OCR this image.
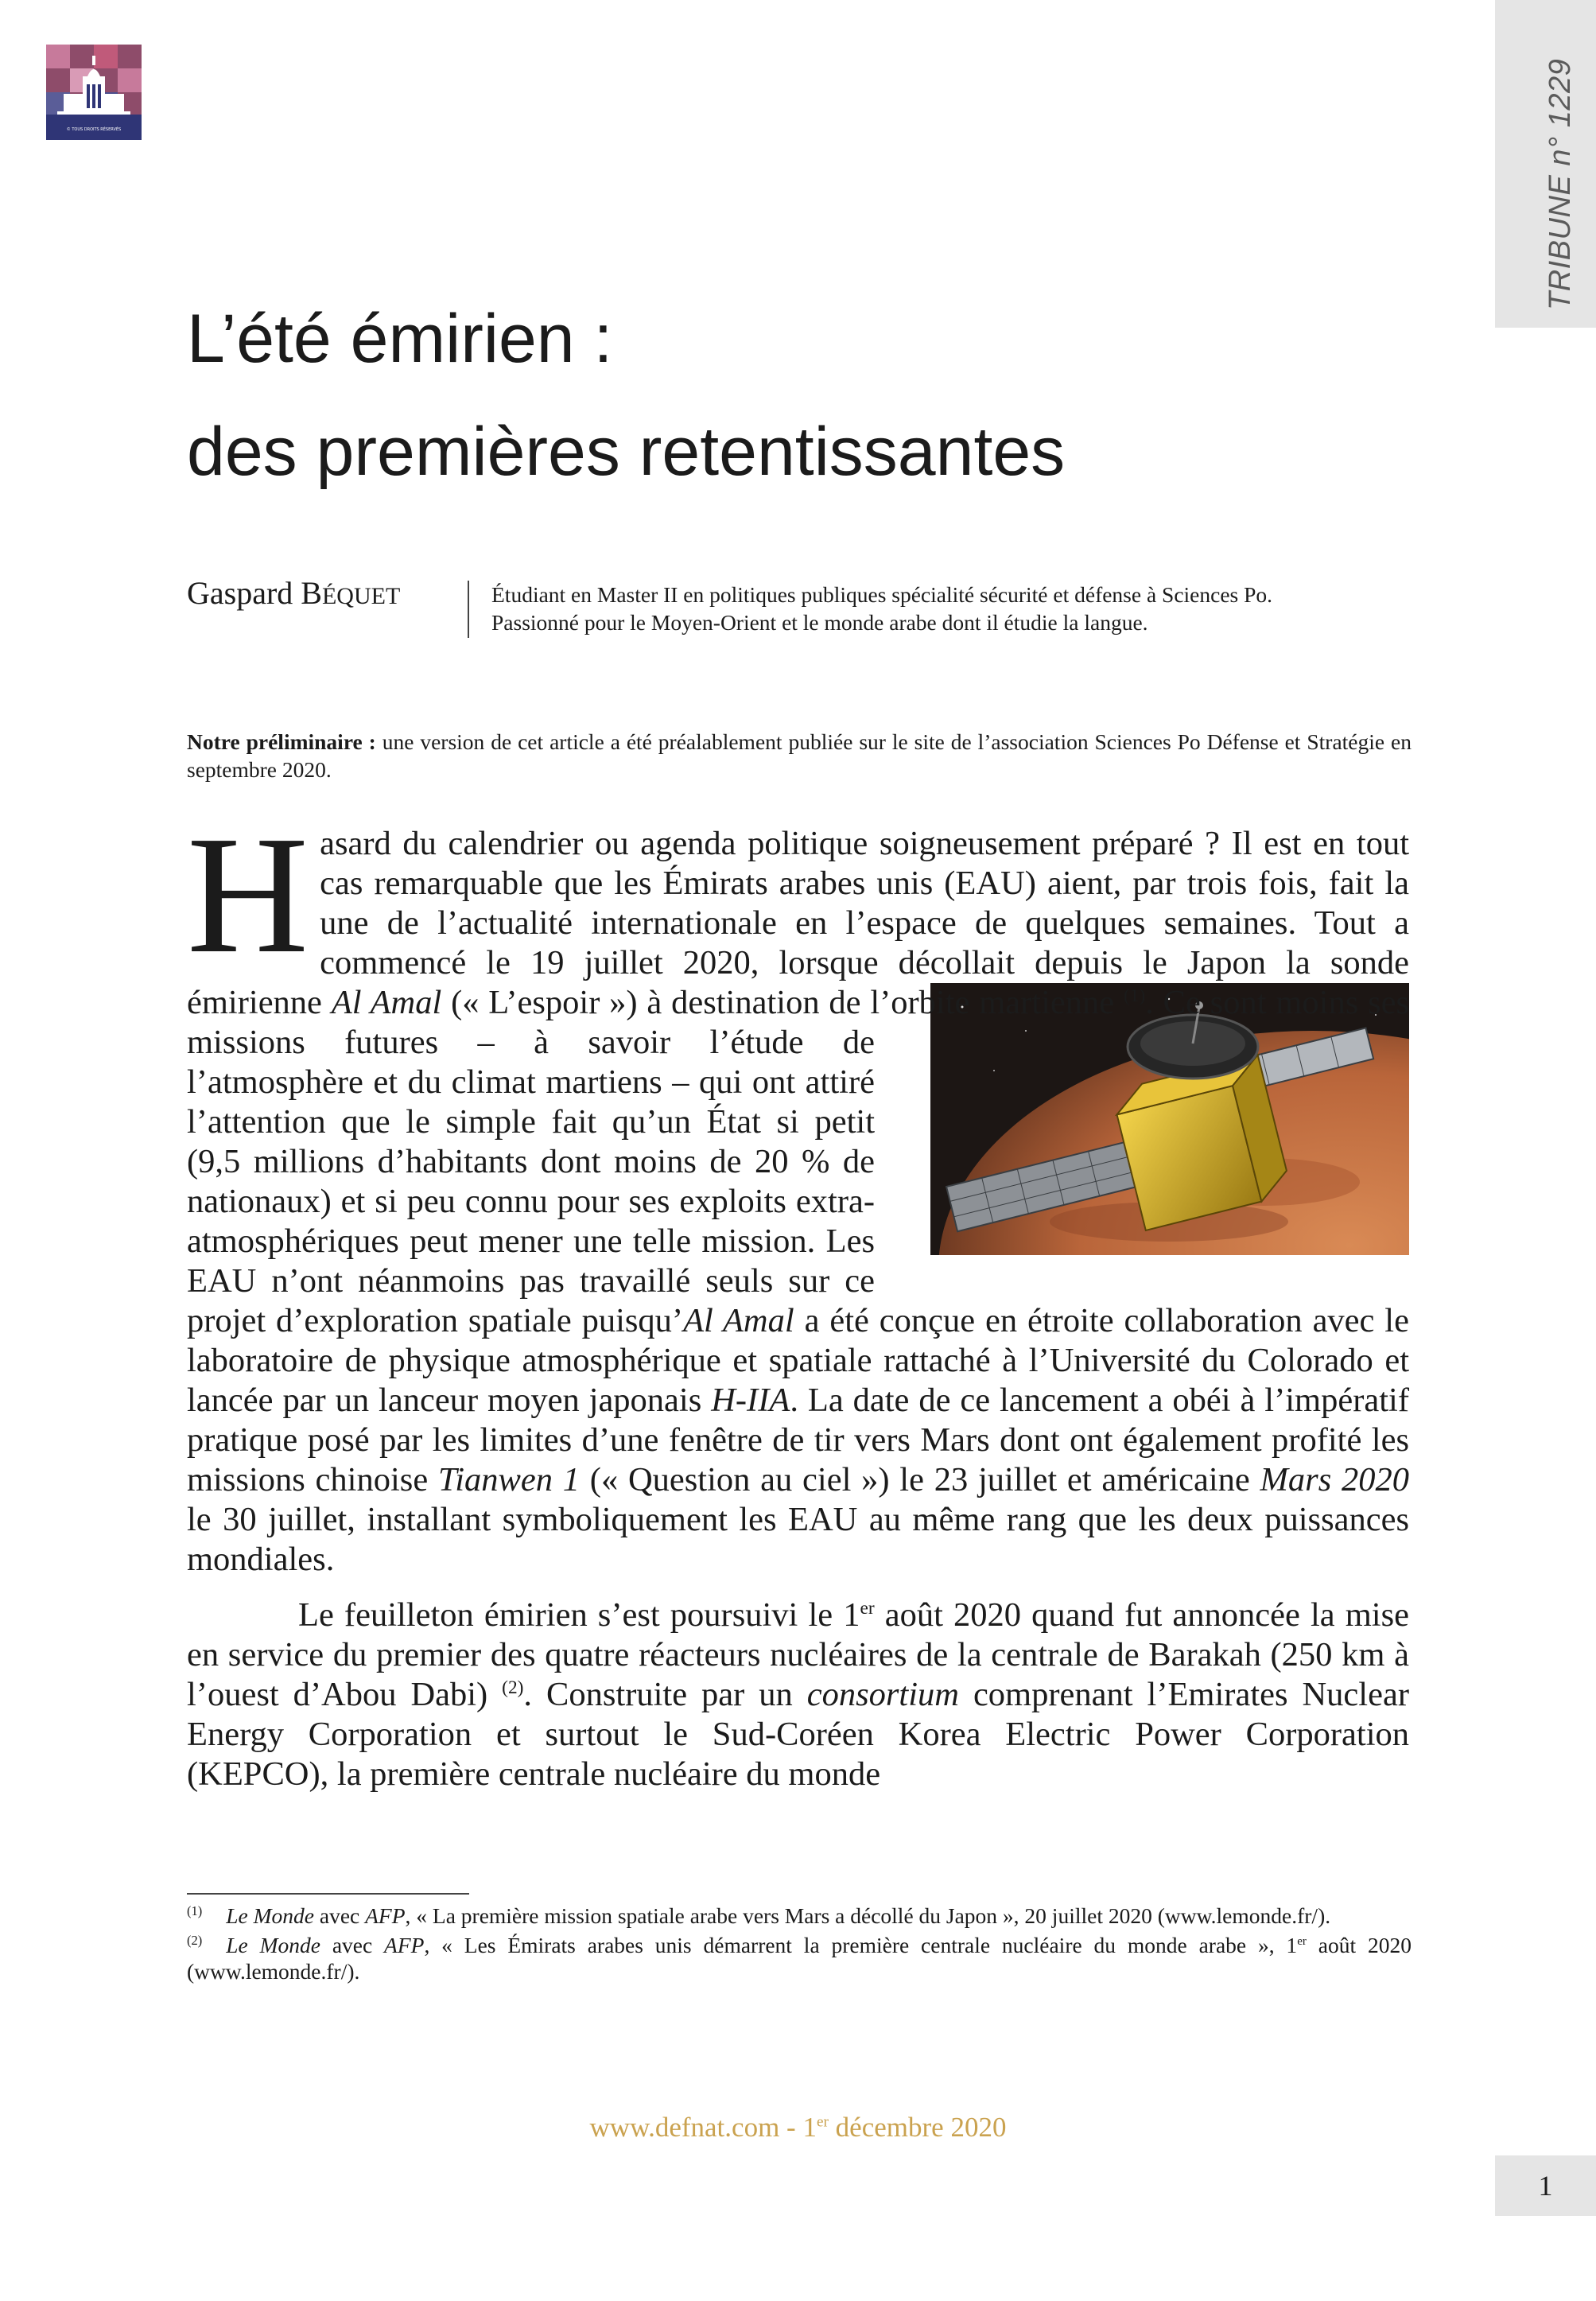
© TOUS DROITS RÉSERVÉS	TRIBUNE n° 1229
L’été émirien :
des premières retentissantes
Gaspard BÉQUET	Étudiant en Master II en politiques publiques spécialité sécurité et défense à Sciences Po.
Passionné pour le Moyen-Orient et le monde arabe dont il étudie la langue.
Notre préliminaire : une version de cet article a été préalablement publiée sur le site de l’association Sciences Po Défense et Stratégie en septembre 2020.

Hasard du calendrier ou agenda politique soigneusement préparé ? Il est en tout cas remarquable que les Émirats arabes unis (EAU) aient, par trois fois, fait la une de l’actualité internationale en l’espace de quelques semaines. Tout a commencé le 19 juillet 2020, lorsque décollait depuis le Japon la sonde émirienne
Al Amal (« L’espoir ») à destination de l’orbite martienne $^{(1)}$. Ce sont moins ses missions futures – à savoir l’étude de l’atmosphère et du climat martiens – qui ont attiré l’attention que le simple fait qu’un État si petit (9,5 millions d’habitants dont moins de 20 % de nationaux) et si peu connu pour ses exploits extra-atmosphériques peut mener une telle mission. Les EAU n’ont néanmoins pas travaillé seuls sur ce projet d’exploration spatiale puisqu’Al Amal a été conçue en étroite collaboration avec le laboratoire de physique atmosphérique et spatiale rattaché à l’Université du Colorado et lancée par un lanceur moyen japonais H-IIA. La date de ce lancement a obéi à l’impératif pratique posé par les limites d’une fenêtre de tir vers Mars dont ont également profité les missions chinoise Tianwen 1 (« Question au ciel ») le 23 juillet et américaine Mars 2020 le 30 juillet, installant symboliquement les EAU au même rang que les deux puissances mondiales.

Le feuilleton émirien s’est poursuivi le 1er août 2020 quand fut annoncée la mise en service du premier des quatre réacteurs nucléaires de la centrale de Barakah (250 km à l’ouest d’Abou Dabi) $^{(2)}$. Construite par un consortium comprenant l’Emirates Nuclear Energy Corporation et surtout le Sud-Coréen Korea Electric Power Corporation (KEPCO), la première centrale nucléaire du monde

$^{(1)}$ Le Monde avec AFP, « La première mission spatiale arabe vers Mars a décollé du Japon », 20 juillet 2020 (www.lemonde.fr/).

$^{(2)}$ Le Monde avec AFP, « Les Émirats arabes unis démarrent la première centrale nucléaire du monde arabe », 1er août 2020 (www.lemonde.fr/).

www.defnat.com - 1er décembre 2020
1
